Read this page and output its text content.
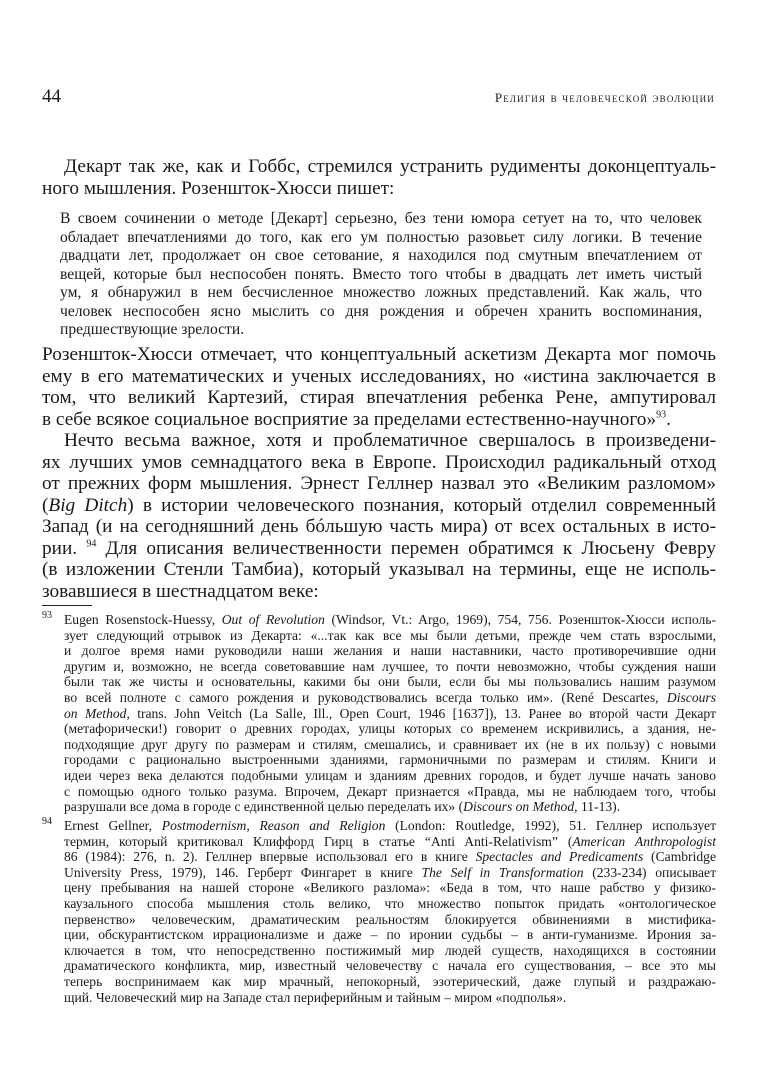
44	Религия в человеческой эволюции
Декарт так же, как и Гоббс, стремился устранить рудименты доконцептуаль-
ного мышления. Розеншток-Хюсси пишет:
В своем сочинении о методе [Декарт] серьезно, без тени юмора сетует на то, что человек
обладает впечатлениями до того, как его ум полностью разовьет силу логики. В течение
двадцати лет, продолжает он свое сетование, я находился под смутным впечатлением от
вещей, которые был неспособен понять. Вместо того чтобы в двадцать лет иметь чистый
ум, я обнаружил в нем бесчисленное множество ложных представлений. Как жаль, что
человек неспособен ясно мыслить со дня рождения и обречен хранить воспоминания,
предшествующие зрелости.
Розеншток-Хюсси отмечает, что концептуальный аскетизм Декарта мог помочь
ему в его математических и ученых исследованиях, но «истина заключается в
том, что великий Картезий, стирая впечатления ребенка Рене, ампутировал
в себе всякое социальное восприятие за пределами естественно-научного»$^{93}$.
Нечто весьма важное, хотя и проблематичное свершалось в произведени-
ях лучших умов семнадцатого века в Европе. Происходил радикальный отход
от прежних форм мышления. Эрнест Геллнер назвал это «Великим разломом»
(Big Ditch) в истории человеческого познания, который отделил современный
Запад (и на сегодняшний день бóльшую часть мира) от всех остальных в исто-
рии. $^{94}$ Для описания величественности перемен обратимся к Люсьену Февру
(в изложении Стенли Тамбиа), который указывал на термины, еще не исполь-
зовавшиеся в шестнадцатом веке:
93 Eugen Rosenstock-Huessy, Out of Revolution (Windsor, Vt.: Argo, 1969), 754, 756. Розеншток-Хюсси исполь-
зует следующий отрывок из Декарта: «...так как все мы были детьми, прежде чем стать взрослыми,
и долгое время нами руководили наши желания и наши наставники, часто противоречившие одни
другим и, возможно, не всегда советовавшие нам лучшее, то почти невозможно, чтобы суждения наши
были так же чисты и основательны, какими бы они были, если бы мы пользовались нашим разумом
во всей полноте с самого рождения и руководствовались всегда только им». (René Descartes, Discours
on Method, trans. John Veitch (La Salle, Ill., Open Court, 1946 [1637]), 13. Ранее во второй части Декарт
(метафорически!) говорит о древних городах, улицы которых со временем искривились, а здания, не-
подходящие друг другу по размерам и стилям, смешались, и сравнивает их (не в их пользу) с новыми
городами с рационально выстроенными зданиями, гармоничными по размерам и стилям. Книги и
идеи через века делаются подобными улицам и зданиям древних городов, и будет лучше начать заново
с помощью одного только разума. Впрочем, Декарт признается «Правда, мы не наблюдаем того, чтобы
разрушали все дома в городе с единственной целью переделать их» (Discours on Method, 11-13).
94 Ernest Gellner, Postmodernism, Reason and Religion (London: Routledge, 1992), 51. Геллнер использует
термин, который критиковал Клиффорд Гирц в статье “Anti Anti-Relativism” (American Anthropologist
86 (1984): 276, n. 2). Геллнер впервые использовал его в книге Spectacles and Predicaments (Cambridge
University Press, 1979), 146. Герберт Фингарет в книге The Self in Transformation (233-234) описывает
цену пребывания на нашей стороне «Великого разлома»: «Беда в том, что наше рабство у физико-
каузального способа мышления столь велико, что множество попыток придать «онтологическое
первенство» человеческим, драматическим реальностям блокируется обвинениями в мистифика-
ции, обскурантистском иррационализме и даже – по иронии судьбы – в анти-гуманизме. Ирония за-
ключается в том, что непосредственно постижимый мир людей существ, находящихся в состоянии
драматического конфликта, мир, известный человечеству с начала его существования, – все это мы
теперь воспринимаем как мир мрачный, непокорный, эзотерический, даже глупый и раздражаю-
щий. Человеческий мир на Западе стал периферийным и тайным – миром «подполья».
